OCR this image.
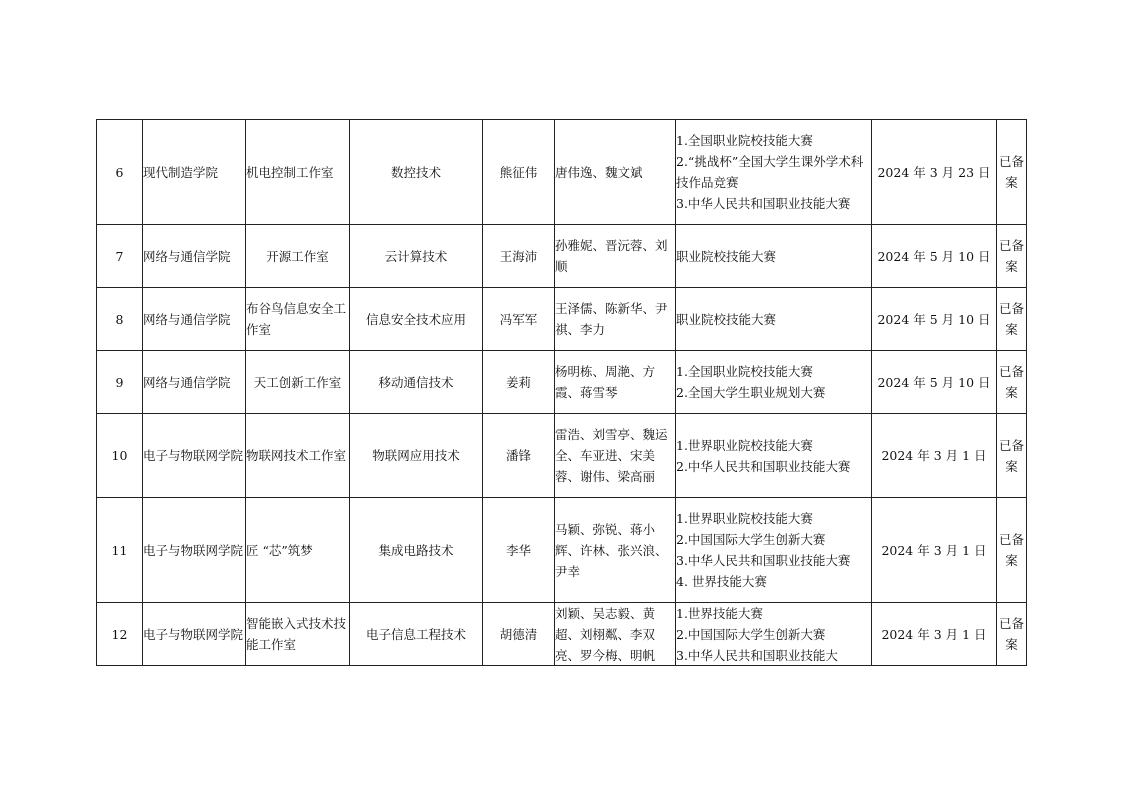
6	现代制造学院	机电控制工作室	数控技术	熊征伟	唐伟逸、魏文斌	1.全国职业院校技能大赛
2.“挑战杯”全国大学生课外学术科技作品竞赛
3.中华人民共和国职业技能大赛	2024 年 3 月 23 日	已备案
7	网络与通信学院	开源工作室	云计算技术	王海沛	孙雅妮、晋沅蓉、刘顺	职业院校技能大赛	2024 年 5 月 10 日	已备案
8	网络与通信学院	布谷鸟信息安全工作室	信息安全技术应用	冯军军	王泽儒、陈新华、尹祺、李力	职业院校技能大赛	2024 年 5 月 10 日	已备案
9	网络与通信学院	天工创新工作室	移动通信技术	姜莉	杨明栋、周滟、方霞、蒋雪琴	1.全国职业院校技能大赛
2.全国大学生职业规划大赛	2024 年 5 月 10 日	已备案
10	电子与物联网学院	物联网技术工作室	物联网应用技术	潘锋	雷浩、刘雪亭、魏运全、车亚进、宋美蓉、谢伟、梁高丽	1.世界职业院校技能大赛
2.中华人民共和国职业技能大赛	2024 年 3 月 1 日	已备案
11	电子与物联网学院	匠 “芯”筑梦	集成电路技术	李华	马颖、弥锐、蒋小辉、许林、张兴浪、尹幸	1.世界职业院校技能大赛
2.中国国际大学生创新大赛
3.中华人民共和国职业技能大赛
4. 世界技能大赛	2024 年 3 月 1 日	已备案
12	电子与物联网学院	智能嵌入式技术技能工作室	电子信息工程技术	胡德清	刘颖、吴志毅、黄超、刘栩粼、李双亮、罗今梅、明帆	1.世界技能大赛
2.中国国际大学生创新大赛
3.中华人民共和国职业技能大	2024 年 3 月 1 日	已备案
